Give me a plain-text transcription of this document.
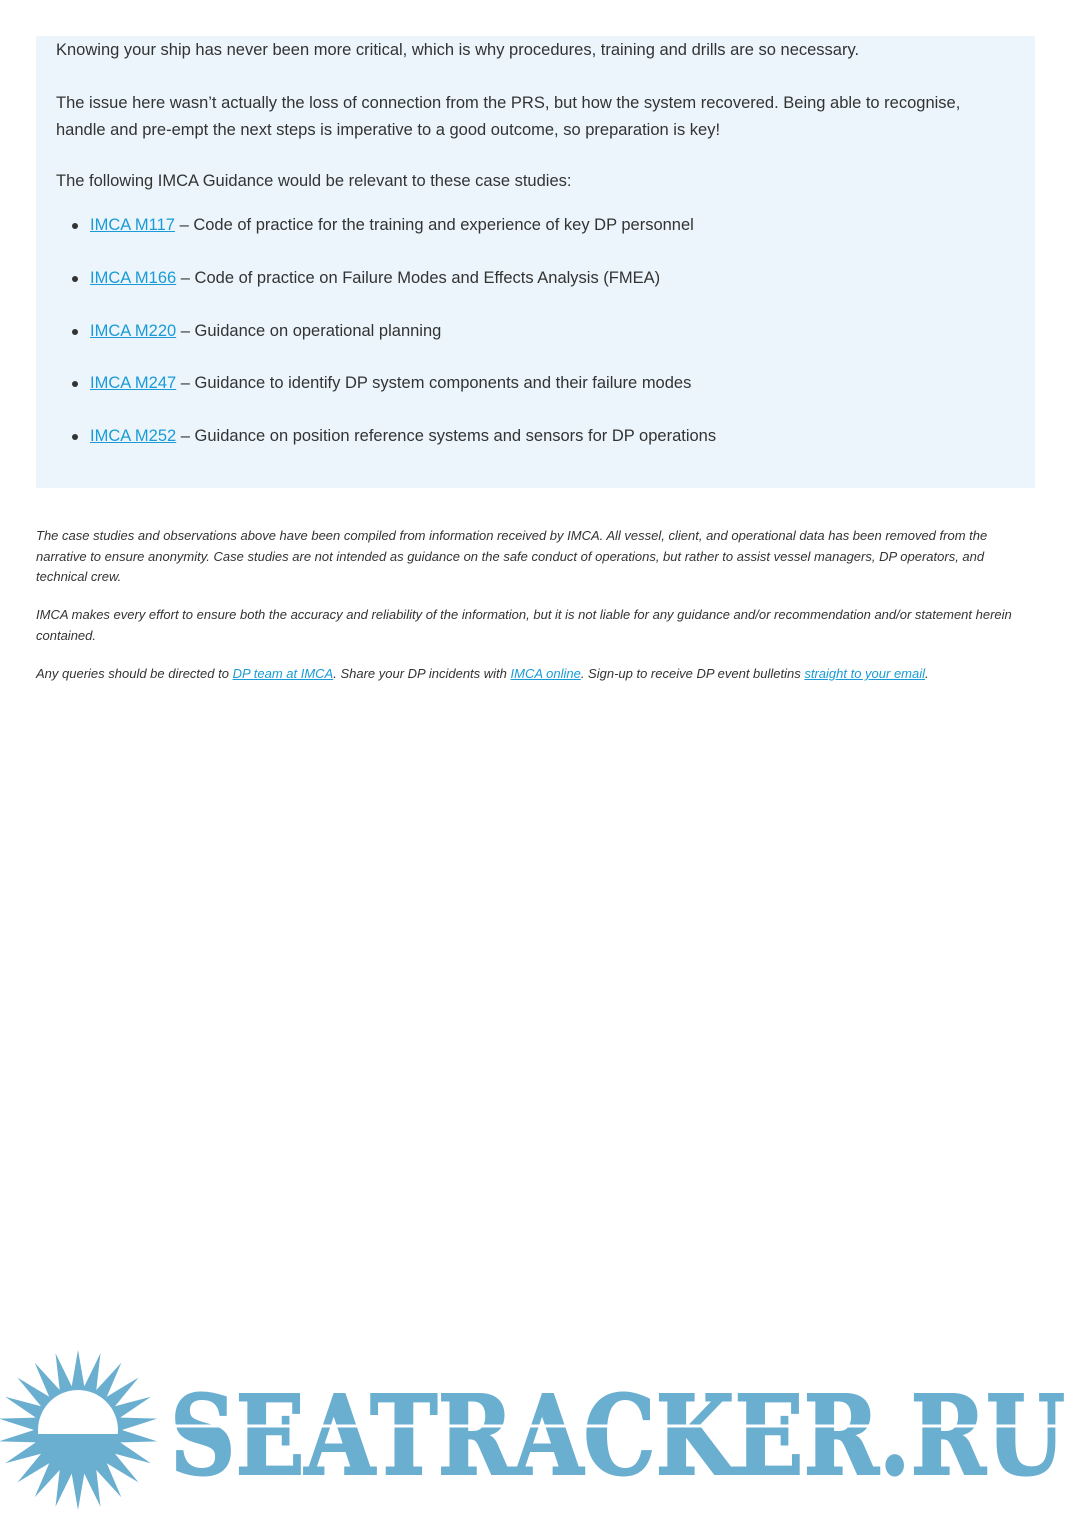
Knowing your ship has never been more critical, which is why procedures, training and drills are so necessary.

The issue here wasn’t actually the loss of connection from the PRS, but how the system recovered. Being able to recognise, handle and pre-empt the next steps is imperative to a good outcome, so preparation is key!

The following IMCA Guidance would be relevant to these case studies:

IMCA M117 – Code of practice for the training and experience of key DP personnel
IMCA M166 – Code of practice on Failure Modes and Effects Analysis (FMEA)
IMCA M220 – Guidance on operational planning
IMCA M247 – Guidance to identify DP system components and their failure modes
IMCA M252 – Guidance on position reference systems and sensors for DP operations

The case studies and observations above have been compiled from information received by IMCA. All vessel, client, and operational data has been removed from the narrative to ensure anonymity. Case studies are not intended as guidance on the safe conduct of operations, but rather to assist vessel managers, DP operators, and technical crew.

IMCA makes every effort to ensure both the accuracy and reliability of the information, but it is not liable for any guidance and/or recommendation and/or statement herein contained.

Any queries should be directed to DP team at IMCA. Share your DP incidents with IMCA online. Sign-up to receive DP event bulletins straight to your email.

SEATRACKER.RU
